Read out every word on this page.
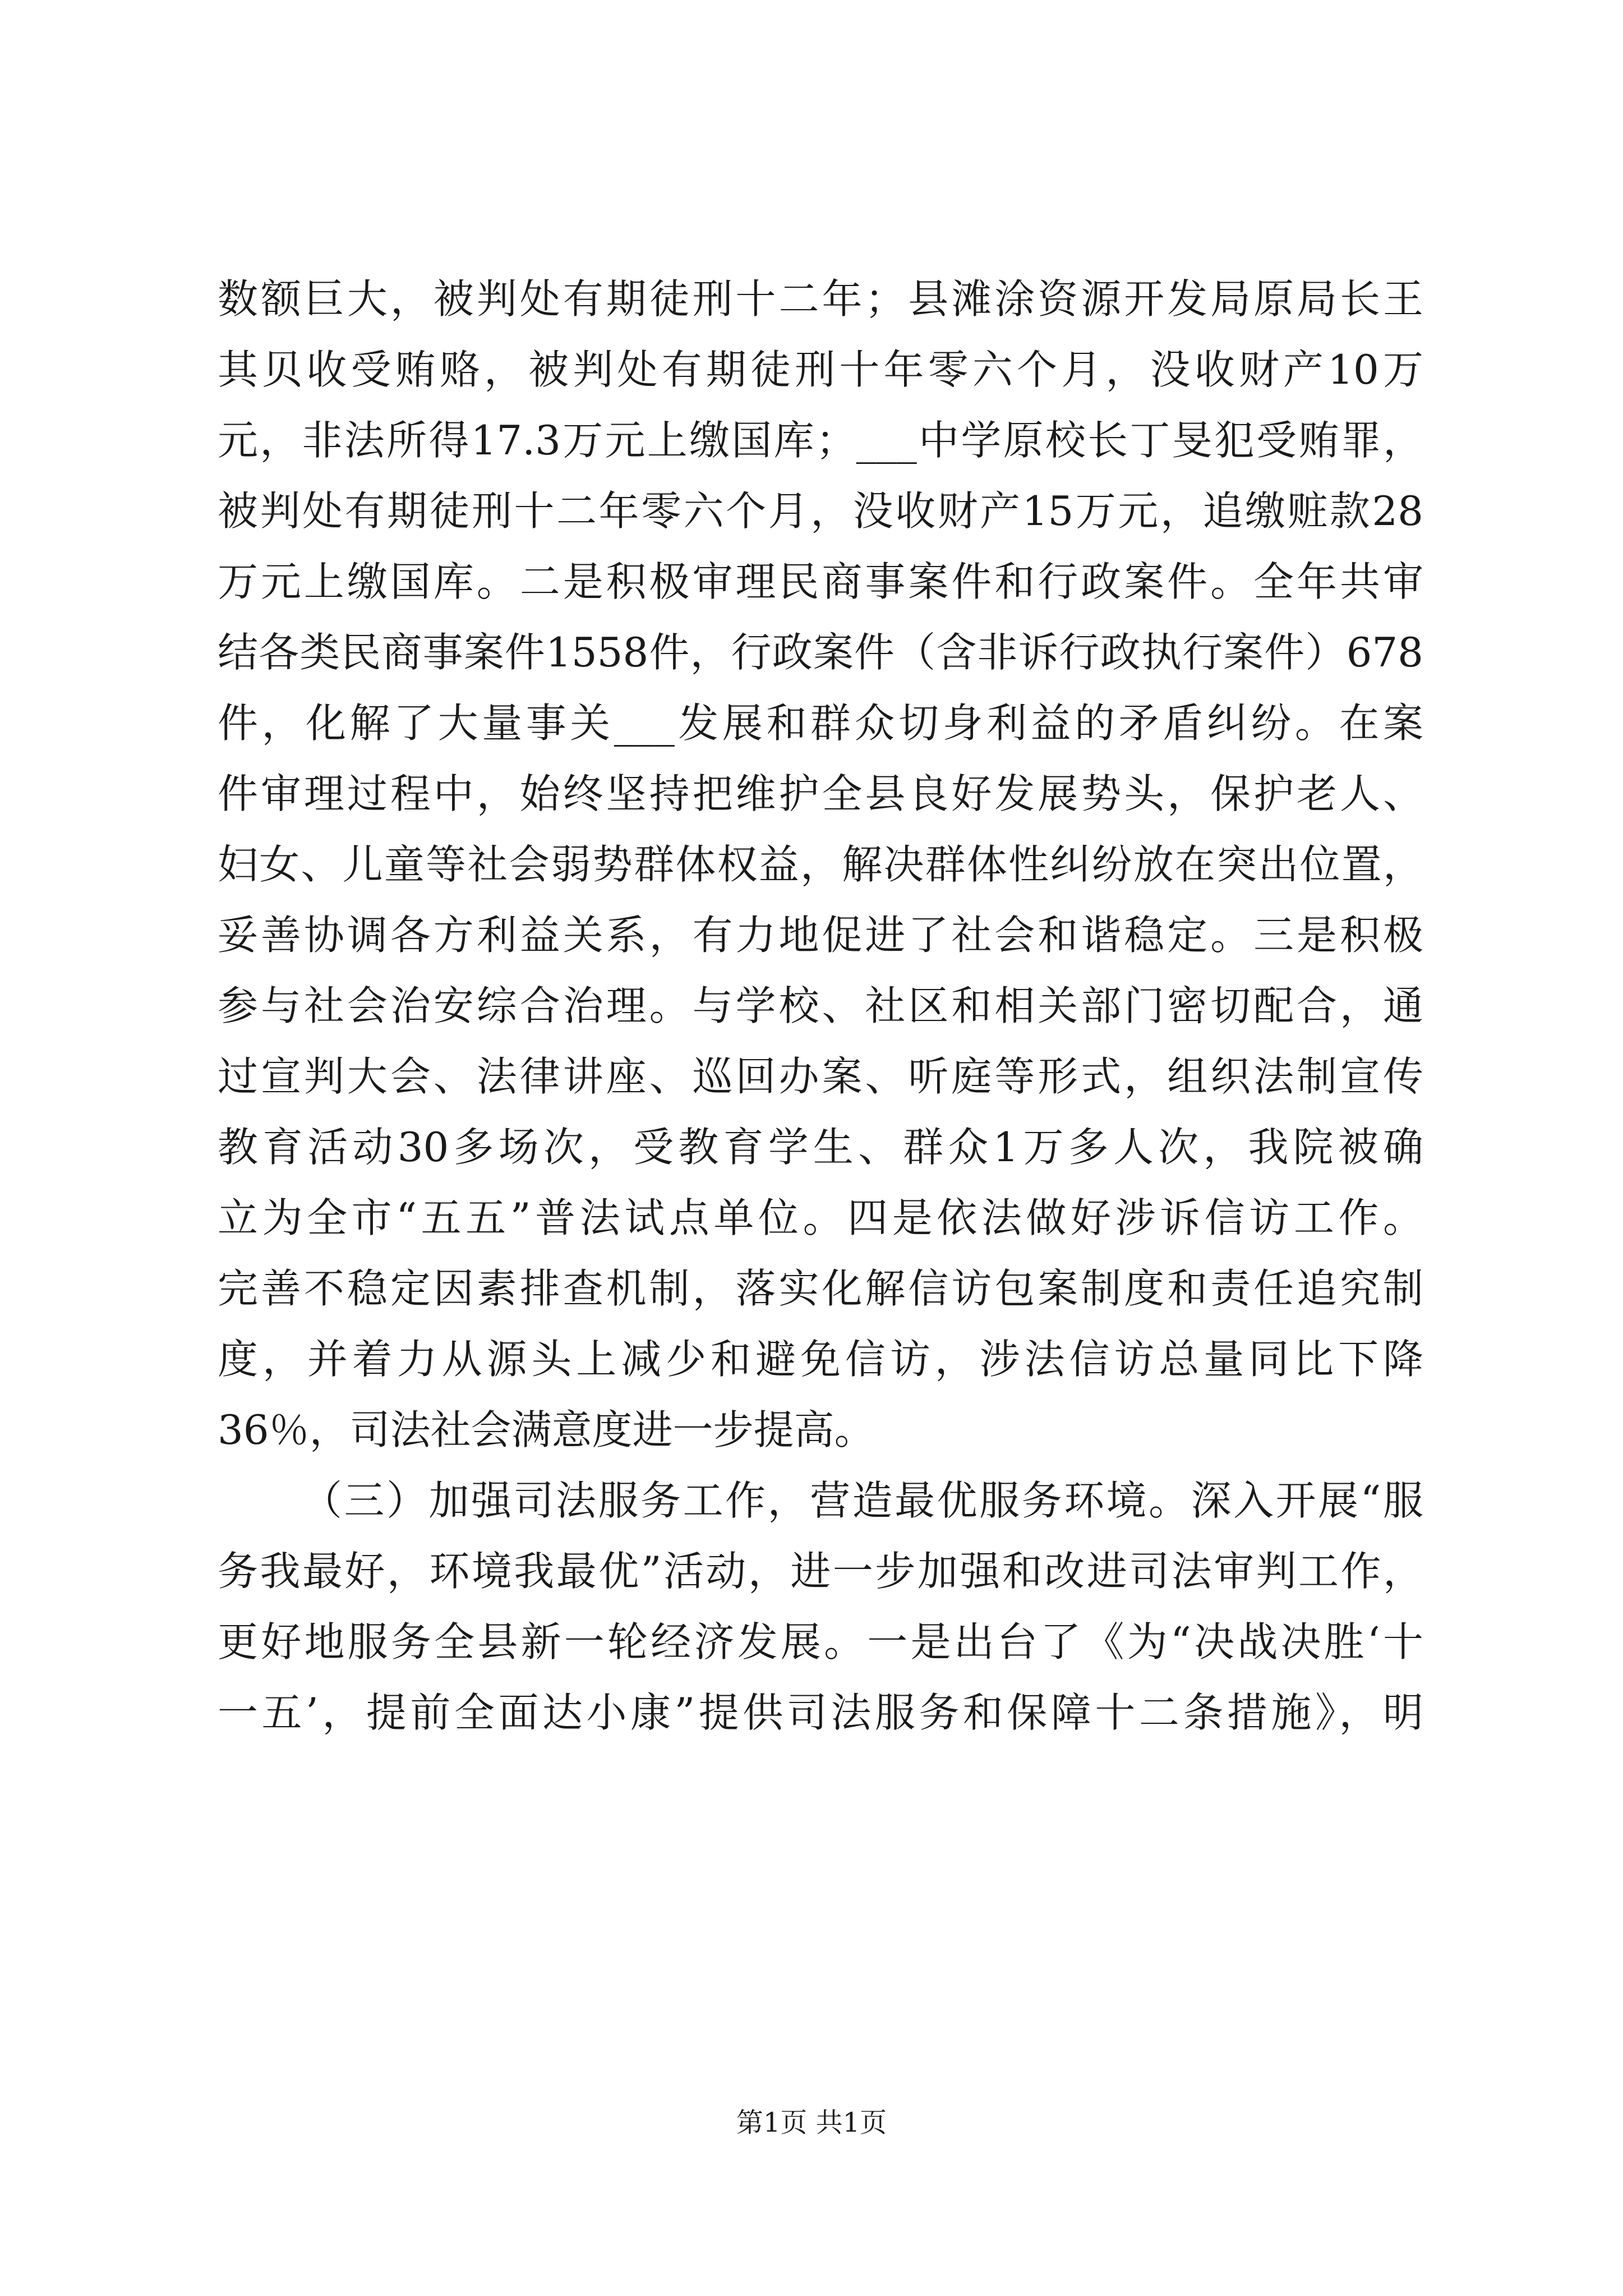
数额巨大，被判处有期徒刑十二年；县滩涂资源开发局原局长王
其贝收受贿赂，被判处有期徒刑十年零六个月，没收财产10万
元，非法所得17.3万元上缴国库；___中学原校长丁旻犯受贿罪，
被判处有期徒刑十二年零六个月，没收财产15万元，追缴赃款28
万元上缴国库。二是积极审理民商事案件和行政案件。全年共审
结各类民商事案件1558件，行政案件（含非诉行政执行案件）678
件，化解了大量事关___发展和群众切身利益的矛盾纠纷。在案
件审理过程中，始终坚持把维护全县良好发展势头，保护老人、
妇女、儿童等社会弱势群体权益，解决群体性纠纷放在突出位置，
妥善协调各方利益关系，有力地促进了社会和谐稳定。三是积极
参与社会治安综合治理。与学校、社区和相关部门密切配合，通
过宣判大会、法律讲座、巡回办案、听庭等形式，组织法制宣传
教育活动30多场次，受教育学生、群众1万多人次，我院被确
立为全市“五五”普法试点单位。四是依法做好涉诉信访工作。
完善不稳定因素排查机制，落实化解信访包案制度和责任追究制
度，并着力从源头上减少和避免信访，涉法信访总量同比下降
36％，司法社会满意度进一步提高。
（三）加强司法服务工作，营造最优服务环境。深入开展“服
务我最好，环境我最优”活动，进一步加强和改进司法审判工作，
更好地服务全县新一轮经济发展。一是出台了《为“决战决胜‘十
一五’，提前全面达小康”提供司法服务和保障十二条措施》，明
第1页 共1页
